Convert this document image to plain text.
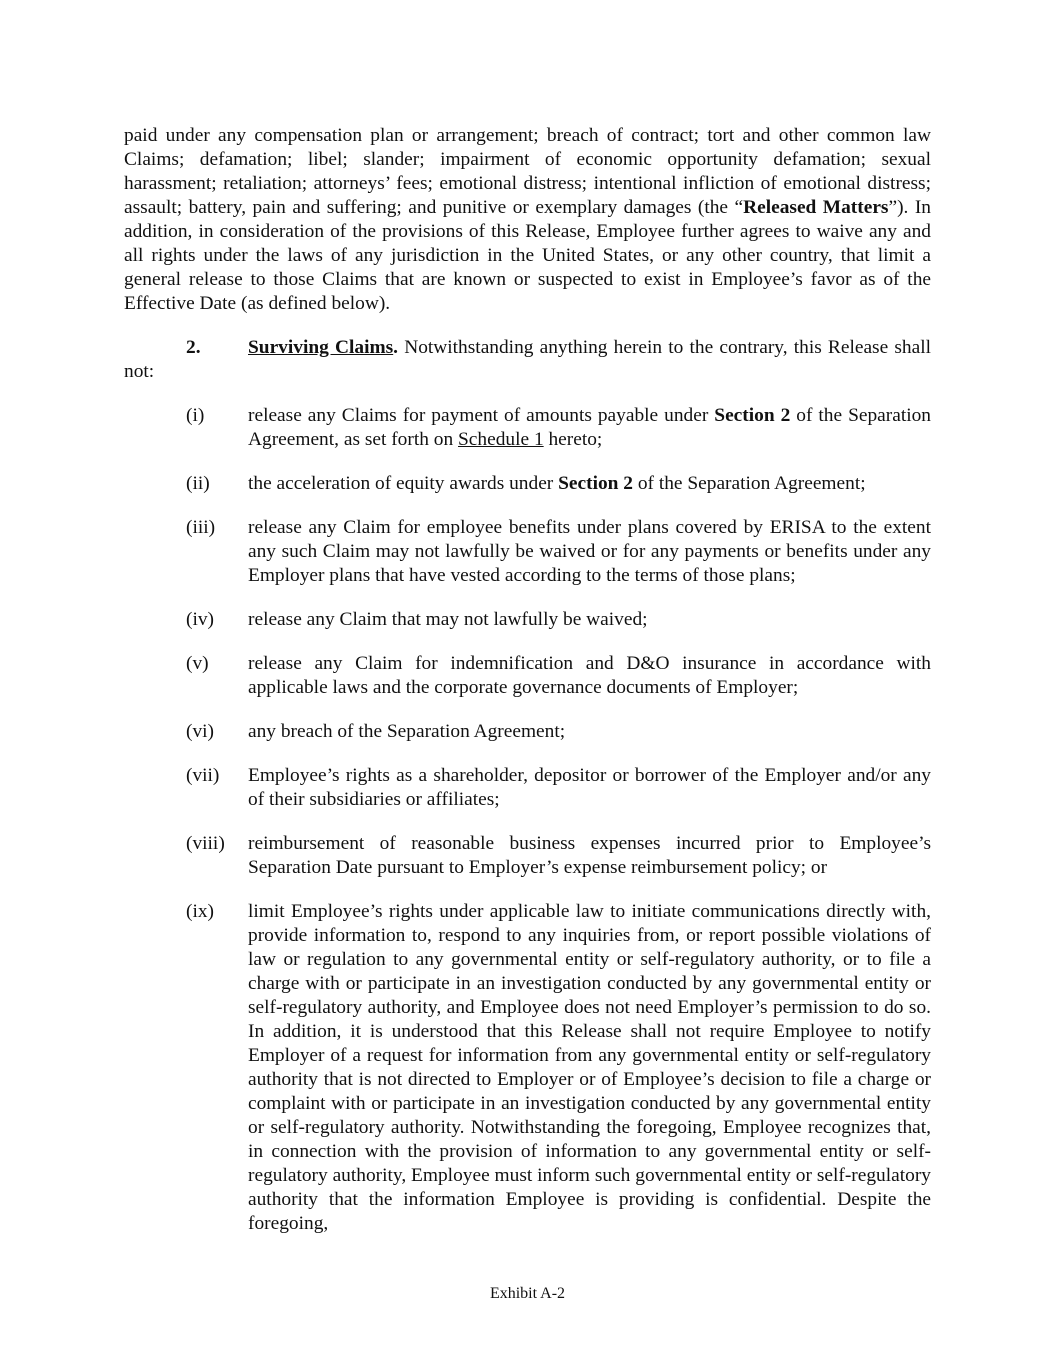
paid under any compensation plan or arrangement; breach of contract; tort and other common law Claims; defamation; libel; slander; impairment of economic opportunity defamation; sexual harassment; retaliation; attorneys’ fees; emotional distress; intentional infliction of emotional distress; assault; battery, pain and suffering; and punitive or exemplary damages (the “Released Matters”). In addition, in consideration of the provisions of this Release, Employee further agrees to waive any and all rights under the laws of any jurisdiction in the United States, or any other country, that limit a general release to those Claims that are known or suspected to exist in Employee’s favor as of the Effective Date (as defined below).

2. Surviving Claims. Notwithstanding anything herein to the contrary, this Release shall not:

(i)	release any Claims for payment of amounts payable under Section 2 of the Separation Agreement, as set forth on Schedule 1 hereto;
(ii)	the acceleration of equity awards under Section 2 of the Separation Agreement;
(iii)	release any Claim for employee benefits under plans covered by ERISA to the extent any such Claim may not lawfully be waived or for any payments or benefits under any Employer plans that have vested according to the terms of those plans;
(iv)	release any Claim that may not lawfully be waived;
(v)	release any Claim for indemnification and D&O insurance in accordance with applicable laws and the corporate governance documents of Employer;
(vi)	any breach of the Separation Agreement;
(vii)	Employee’s rights as a shareholder, depositor or borrower of the Employer and/or any of their subsidiaries or affiliates;
(viii)	reimbursement of reasonable business expenses incurred prior to Employee’s Separation Date pursuant to Employer’s expense reimbursement policy; or
(ix)	limit Employee’s rights under applicable law to initiate communications directly with, provide information to, respond to any inquiries from, or report possible violations of law or regulation to any governmental entity or self-regulatory authority, or to file a charge with or participate in an investigation conducted by any governmental entity or self-regulatory authority, and Employee does not need Employer’s permission to do so. In addition, it is understood that this Release shall not require Employee to notify Employer of a request for information from any governmental entity or self-regulatory authority that is not directed to Employer or of Employee’s decision to file a charge or complaint with or participate in an investigation conducted by any governmental entity or self-regulatory authority. Notwithstanding the foregoing, Employee recognizes that, in connection with the provision of information to any governmental entity or self-regulatory authority, Employee must inform such governmental entity or self-regulatory authority that the information Employee is providing is confidential. Despite the foregoing,
Exhibit A-2
